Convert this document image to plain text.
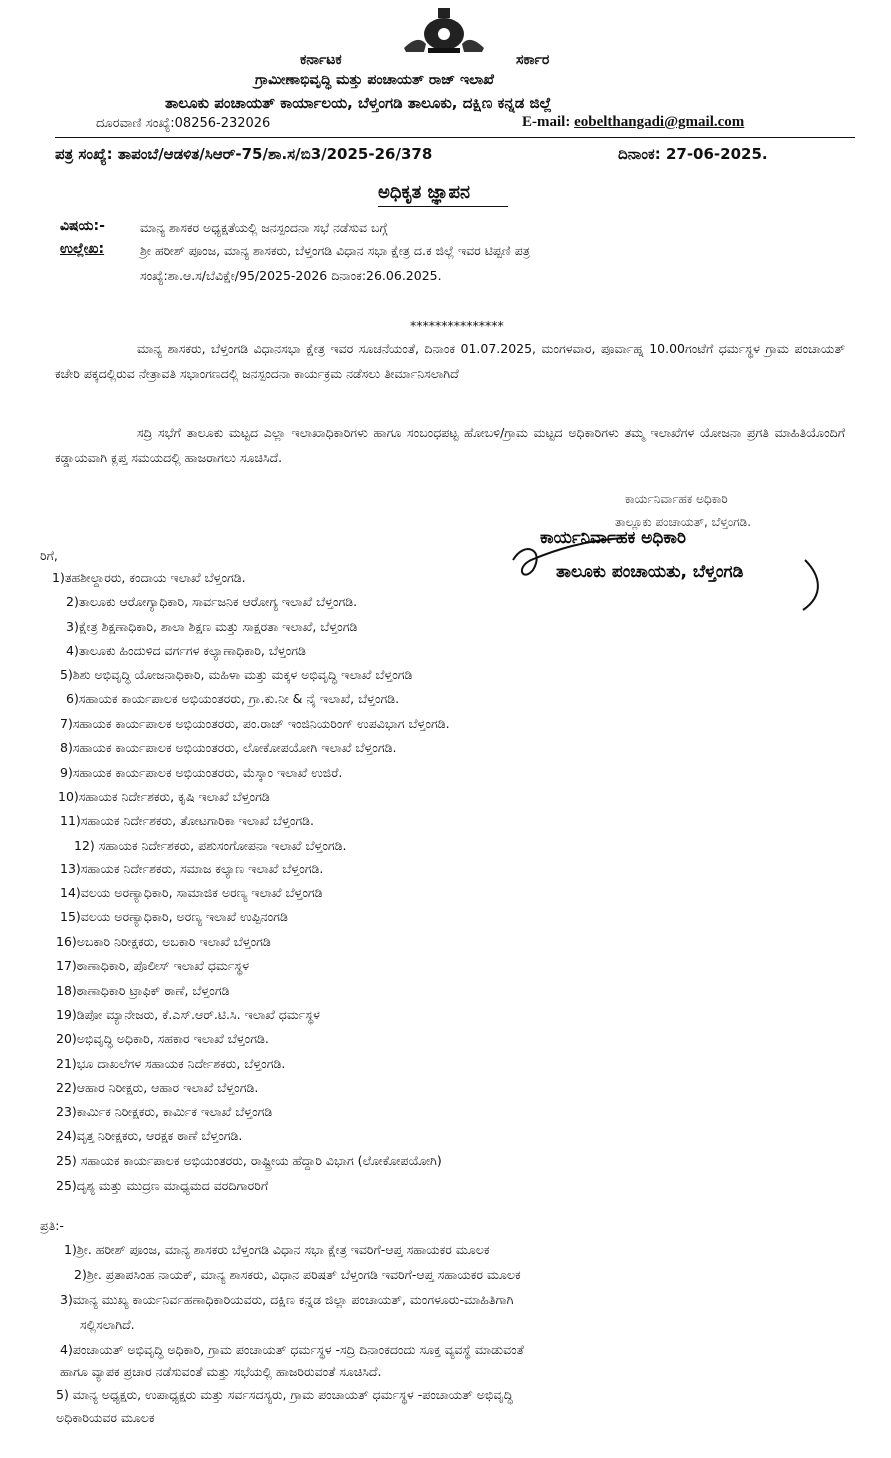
ಕರ್ನಾಟಕ	ಸರ್ಕಾರ
ಗ್ರಾಮೀಣಾಭಿವೃದ್ಧಿ ಮತ್ತು ಪಂಚಾಯತ್ ರಾಜ್ ಇಲಾಖೆ
ತಾಲೂಕು ಪಂಚಾಯತ್ ಕಾರ್ಯಾಲಯ, ಬೆಳ್ತಂಗಡಿ ತಾಲೂಕು, ದಕ್ಷಿಣ ಕನ್ನಡ ಜಿಲ್ಲೆ
ದೂರವಾಣಿ ಸಂಖ್ಯೆ:08256-232026	E-mail: eobelthangadi@gmail.com
ಪತ್ರ ಸಂಖ್ಯೆ: ತಾಪಂಬೆ/ಆಡಳಿತ/ಸಿಆರ್-75/ಶಾ.ಸ/ಬಿ3/2025-26/378	ದಿನಾಂಕ: 27-06-2025.
ಅಧಿಕೃತ ಜ್ಞಾಪನ
ವಿಷಯ:-	ಮಾನ್ಯ ಶಾಸಕರ ಅಧ್ಯಕ್ಷತೆಯಲ್ಲಿ ಜನಸ್ಪಂದನಾ ಸಭೆ ನಡೆಸುವ ಬಗ್ಗೆ
ಉಲ್ಲೇಖ:	ಶ್ರೀ ಹರೀಶ್ ಪೂಂಜ, ಮಾನ್ಯ ಶಾಸಕರು, ಬೆಳ್ತಂಗಡಿ ವಿಧಾನ ಸಭಾ ಕ್ಷೇತ್ರ ದ.ಕ ಜಿಲ್ಲೆ ಇವರ ಟಿಪ್ಪಣಿ ಪತ್ರ
ಸಂಖ್ಯೆ:ಶಾ.ಆ.ಸ/ಬೆವಿಕ್ಷೇ/95/2025-2026 ದಿನಾಂಕ:26.06.2025.
***************
ಮಾನ್ಯ ಶಾಸಕರು, ಬೆಳ್ತಂಗಡಿ ವಿಧಾನಸಭಾ ಕ್ಷೇತ್ರ ಇವರ ಸೂಚನೆಯಂತೆ, ದಿನಾಂಕ 01.07.2025, ಮಂಗಳವಾರ, ಪೂರ್ವಾಹ್ನ 10.00ಗಂಟೆಗೆ ಧರ್ಮಸ್ಥಳ ಗ್ರಾಮ ಪಂಚಾಯತ್ ಕಚೇರಿ ಪಕ್ಕದಲ್ಲಿರುವ ನೇತ್ರಾವತಿ ಸಭಾಂಗಣದಲ್ಲಿ ಜನಸ್ಪಂದನಾ ಕಾರ್ಯಕ್ರಮ ನಡೆಸಲು ತೀರ್ಮಾನಿಸಲಾಗಿದೆ
ಸದ್ರಿ ಸಭೆಗೆ ತಾಲೂಕು ಮಟ್ಟದ ಎಲ್ಲಾ ಇಲಾಖಾಧಿಕಾರಿಗಳು ಹಾಗೂ ಸಂಬಂಧಪಟ್ಟ ಹೋಬಳಿ/ಗ್ರಾಮ ಮಟ್ಟದ ಅಧಿಕಾರಿಗಳು ತಮ್ಮ ಇಲಾಖೆಗಳ ಯೋಜನಾ ಪ್ರಗತಿ ಮಾಹಿತಿಯೊಂದಿಗೆ ಕಡ್ಡಾಯವಾಗಿ ಕ್ಲಪ್ತ ಸಮಯದಲ್ಲಿ ಹಾಜರಾಗಲು ಸೂಚಿಸಿದೆ.
ಕಾರ್ಯನಿರ್ವಾಹಕ ಅಧಿಕಾರಿ
ತಾಲ್ಲೂಕು ಪಂಚಾಯತ್, ಬೆಳ್ತಂಗಡಿ.
ಕಾರ್ಯನಿರ್ವಾಹಕ ಅಧಿಕಾರಿ
ತಾಲೂಕು ಪಂಚಾಯತು, ಬೆಳ್ತಂಗಡಿ
ರಿಗೆ,
1)ತಹಶೀಲ್ದಾರರು, ಕಂದಾಯ ಇಲಾಖೆ ಬೆಳ್ತಂಗಡಿ.
2)ತಾಲೂಕು ಆರೋಗ್ಯಾಧಿಕಾರಿ, ಸಾರ್ವಜನಿಕ ಆರೋಗ್ಯ ಇಲಾಖೆ ಬೆಳ್ತಂಗಡಿ.
3)ಕ್ಷೇತ್ರ ಶಿಕ್ಷಣಾಧಿಕಾರಿ, ಶಾಲಾ ಶಿಕ್ಷಣ ಮತ್ತು ಸಾಕ್ಷರತಾ ಇಲಾಖೆ, ಬೆಳ್ತಂಗಡಿ
4)ತಾಲೂಕು ಹಿಂದುಳಿದ ವರ್ಗಗಳ ಕಲ್ಯಾಣಾಧಿಕಾರಿ, ಬೆಳ್ತಂಗಡಿ
5)ಶಿಶು ಅಭಿವೃದ್ಧಿ ಯೋಜನಾಧಿಕಾರಿ, ಮಹಿಳಾ ಮತ್ತು ಮಕ್ಕಳ ಅಭಿವೃದ್ಧಿ ಇಲಾಖೆ ಬೆಳ್ತಂಗಡಿ
6)ಸಹಾಯಕ ಕಾರ್ಯಪಾಲಕ ಅಭಿಯಂತರರು, ಗ್ರಾ.ಕು.ನೀ & ನೈ ಇಲಾಖೆ, ಬೆಳ್ತಂಗಡಿ.
7)ಸಹಾಯಕ ಕಾರ್ಯಪಾಲಕ ಅಭಿಯಂತರರು, ಪಂ.ರಾಜ್ ಇಂಜಿನಿಯರಿಂಗ್ ಉಪವಿಭಾಗ ಬೆಳ್ತಂಗಡಿ.
8)ಸಹಾಯಕ ಕಾರ್ಯಪಾಲಕ ಅಭಿಯಂತರರು, ಲೋಕೋಪಯೋಗಿ ಇಲಾಖೆ ಬೆಳ್ತಂಗಡಿ.
9)ಸಹಾಯಕ ಕಾರ್ಯಪಾಲಕ ಅಭಿಯಂತರರು, ಮೆಸ್ಕಾಂ ಇಲಾಖೆ ಉಜಿರೆ.
10)ಸಹಾಯಕ ನಿರ್ದೇಶಕರು, ಕೃಷಿ ಇಲಾಖೆ ಬೆಳ್ತಂಗಡಿ
11)ಸಹಾಯಕ ನಿರ್ದೇಶಕರು, ತೋಟಗಾರಿಕಾ ಇಲಾಖೆ ಬೆಳ್ತಂಗಡಿ.
12) ಸಹಾಯಕ ನಿರ್ದೇಶಕರು, ಪಶುಸಂಗೋಪನಾ ಇಲಾಖೆ ಬೆಳ್ತಂಗಡಿ.
13)ಸಹಾಯಕ ನಿರ್ದೇಶಕರು, ಸಮಾಜ ಕಲ್ಯಾಣ ಇಲಾಖೆ ಬೆಳ್ತಂಗಡಿ.
14)ವಲಯ ಅರಣ್ಯಾಧಿಕಾರಿ, ಸಾಮಾಜಿಕ ಅರಣ್ಯ ಇಲಾಖೆ ಬೆಳ್ತಂಗಡಿ
15)ವಲಯ ಅರಣ್ಯಾಧಿಕಾರಿ, ಅರಣ್ಯ ಇಲಾಖೆ ಉಪ್ಪಿನಂಗಡಿ
16)ಅಬಕಾರಿ ನಿರೀಕ್ಷಕರು, ಅಬಕಾರಿ ಇಲಾಖೆ ಬೆಳ್ತಂಗಡಿ
17)ಠಾಣಾಧಿಕಾರಿ, ಪೊಲೀಸ್ ಇಲಾಖೆ ಧರ್ಮಸ್ಥಳ
18)ಠಾಣಾಧಿಕಾರಿ ಟ್ರಾಫಿಕ್ ಠಾಣೆ, ಬೆಳ್ತಂಗಡಿ
19)ಡಿಪೋ ಮ್ಯಾನೇಜರು, ಕೆ.ಎಸ್.ಆರ್.ಟಿ.ಸಿ. ಇಲಾಖೆ ಧರ್ಮಸ್ಥಳ
20)ಅಭಿವೃದ್ಧಿ ಅಧಿಕಾರಿ, ಸಹಕಾರ ಇಲಾಖೆ ಬೆಳ್ತಂಗಡಿ.
21)ಭೂ ದಾಖಲೆಗಳ ಸಹಾಯಕ ನಿರ್ದೇಶಕರು, ಬೆಳ್ತಂಗಡಿ.
22)ಆಹಾರ ನಿರೀಕ್ಷರು, ಆಹಾರ ಇಲಾಖೆ ಬೆಳ್ತಂಗಡಿ.
23)ಕಾರ್ಮಿಕ ನಿರೀಕ್ಷಕರು, ಕಾರ್ಮಿಕ ಇಲಾಖೆ ಬೆಳ್ತಂಗಡಿ
24)ವೃತ್ತ ನಿರೀಕ್ಷಕರು, ಆರಕ್ಷಕ ಠಾಣೆ ಬೆಳ್ತಂಗಡಿ.
25) ಸಹಾಯಕ ಕಾರ್ಯಪಾಲಕ ಅಭಿಯಂತರರು, ರಾಷ್ಟ್ರೀಯ ಹೆದ್ದಾರಿ ವಿಭಾಗ (ಲೋಕೋಪಯೋಗಿ)
25)ದೃಶ್ಯ ಮತ್ತು ಮುದ್ರಣ ಮಾಧ್ಯಮದ ವರದಿಗಾರರಿಗೆ
ಪ್ರತಿ:-
1)ಶ್ರೀ. ಹರೀಶ್ ಪೂಂಜ, ಮಾನ್ಯ ಶಾಸಕರು ಬೆಳ್ತಂಗಡಿ ವಿಧಾನ ಸಭಾ ಕ್ಷೇತ್ರ ಇವರಿಗೆ-ಆಪ್ತ ಸಹಾಯಕರ ಮೂಲಕ
2)ಶ್ರೀ. ಪ್ರತಾಪಸಿಂಹ ನಾಯಕ್, ಮಾನ್ಯ ಶಾಸಕರು, ವಿಧಾನ ಪರಿಷತ್ ಬೆಳ್ತಂಗಡಿ ಇವರಿಗೆ-ಆಪ್ತ ಸಹಾಯಕರ ಮೂಲಕ
3)ಮಾನ್ಯ ಮುಖ್ಯ ಕಾರ್ಯನಿರ್ವಹಣಾಧಿಕಾರಿಯವರು, ದಕ್ಷಿಣ ಕನ್ನಡ ಜಿಲ್ಲಾ ಪಂಚಾಯತ್, ಮಂಗಳೂರು-ಮಾಹಿತಿಗಾಗಿ
ಸಲ್ಲಿಸಲಾಗಿದೆ.
4)ಪಂಚಾಯತ್ ಅಭಿವೃದ್ಧಿ ಅಧಿಕಾರಿ, ಗ್ರಾಮ ಪಂಚಾಯತ್ ಧರ್ಮಸ್ಥಳ -ಸದ್ರಿ ದಿನಾಂಕದಂದು ಸೂಕ್ತ ವ್ಯವಸ್ಥೆ ಮಾಡುವಂತೆ
ಹಾಗೂ ವ್ಯಾಪಕ ಪ್ರಚಾರ ನಡೆಸುವಂತೆ ಮತ್ತು ಸಭೆಯಲ್ಲಿ ಹಾಜರಿರುವಂತೆ ಸೂಚಿಸಿದೆ.
5) ಮಾನ್ಯ ಅಧ್ಯಕ್ಷರು, ಉಪಾಧ್ಯಕ್ಷರು ಮತ್ತು ಸರ್ವಸದಸ್ಯರು, ಗ್ರಾಮ ಪಂಚಾಯತ್ ಧರ್ಮಸ್ಥಳ -ಪಂಚಾಯತ್ ಅಭಿವೃದ್ಧಿ
ಅಧಿಕಾರಿಯವರ ಮೂಲಕ
